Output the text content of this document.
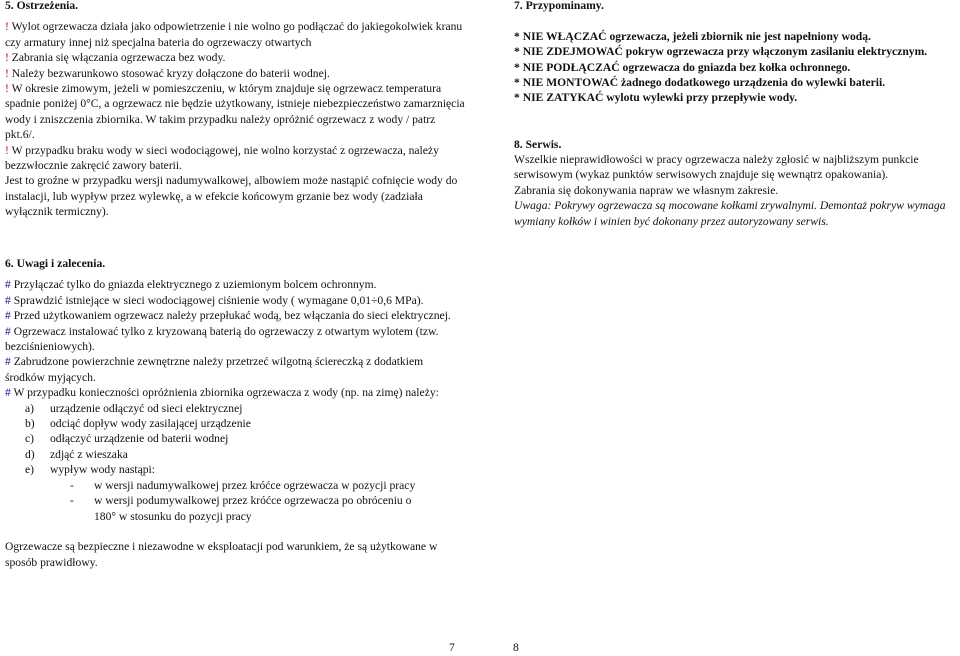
5. Ostrzeżenia.

! Wylot ogrzewacza działa jako odpowietrzenie i nie wolno go podłączać do jakiegokolwiek kranu czy armatury innej niż specjalna bateria do ogrzewaczy otwartych

! Zabrania się włączania ogrzewacza bez wody.

! Należy bezwarunkowo stosować kryzy dołączone do baterii wodnej.

! W okresie zimowym, jeżeli w pomieszczeniu, w którym znajduje się ogrzewacz temperatura spadnie poniżej 0°C, a ogrzewacz nie będzie użytkowany, istnieje niebezpieczeństwo zamarznięcia wody i zniszczenia zbiornika. W takim przypadku należy opróżnić ogrzewacz z wody / patrz pkt.6/.

! W przypadku braku wody w sieci wodociągowej, nie wolno korzystać z ogrzewacza, należy bezzwłocznie zakręcić zawory baterii.

Jest to groźne w przypadku wersji nadumywalkowej, albowiem może nastąpić cofnięcie wody do instalacji, lub wypływ przez wylewkę, a w efekcie końcowym grzanie bez wody (zadziała wyłącznik termiczny).

7. Przypominamy.

* NIE WŁĄCZAĆ ogrzewacza, jeżeli zbiornik nie jest napełniony wodą.

* NIE ZDEJMOWAĆ pokryw ogrzewacza przy włączonym zasilaniu elektrycznym.

* NIE PODŁĄCZAĆ ogrzewacza do gniazda bez kołka ochronnego.

* NIE MONTOWAĆ żadnego dodatkowego urządzenia do wylewki baterii.

* NIE ZATYKAĆ wylotu wylewki przy przepływie wody.

8. Serwis.

Wszelkie nieprawidłowości w pracy ogrzewacza należy zgłosić w najbliższym punkcie serwisowym (wykaz punktów serwisowych znajduje się wewnątrz opakowania).

Zabrania się dokonywania napraw we własnym zakresie.

Uwaga: Pokrywy ogrzewacza są mocowane kołkami zrywalnymi. Demontaż pokryw wymaga wymiany kołków i winien być dokonany przez autoryzowany serwis.

6. Uwagi i zalecenia.

# Przyłączać tylko do gniazda elektrycznego z uziemionym bolcem ochronnym.

# Sprawdzić istniejące w sieci wodociągowej ciśnienie wody ( wymagane 0,01÷0,6 MPa).

# Przed użytkowaniem ogrzewacz należy przepłukać wodą, bez włączania do sieci elektrycznej.

# Ogrzewacz instalować tylko z kryzowaną baterią do ogrzewaczy z otwartym wylotem (tzw. bezciśnieniowych).

# Zabrudzone powierzchnie zewnętrzne należy przetrzeć wilgotną ściereczką z dodatkiem środków myjących.

# W przypadku konieczności opróżnienia zbiornika ogrzewacza z wody (np. na zimę) należy:

a)	urządzenie odłączyć od sieci elektrycznej

b)	odciąć dopływ wody zasilającej urządzenie

c)	odłączyć urządzenie od baterii wodnej

d)	zdjąć z wieszaka

e)	wypływ wody nastąpi:

-	w wersji nadumywalkowej przez króćce ogrzewacza w pozycji pracy

-	w wersji podumywalkowej przez króćce ogrzewacza po obróceniu o

180° w stosunku do pozycji pracy

Ogrzewacze są bezpieczne i niezawodne w eksploatacji pod warunkiem, że są użytkowane w sposób prawidłowy.

7	8
